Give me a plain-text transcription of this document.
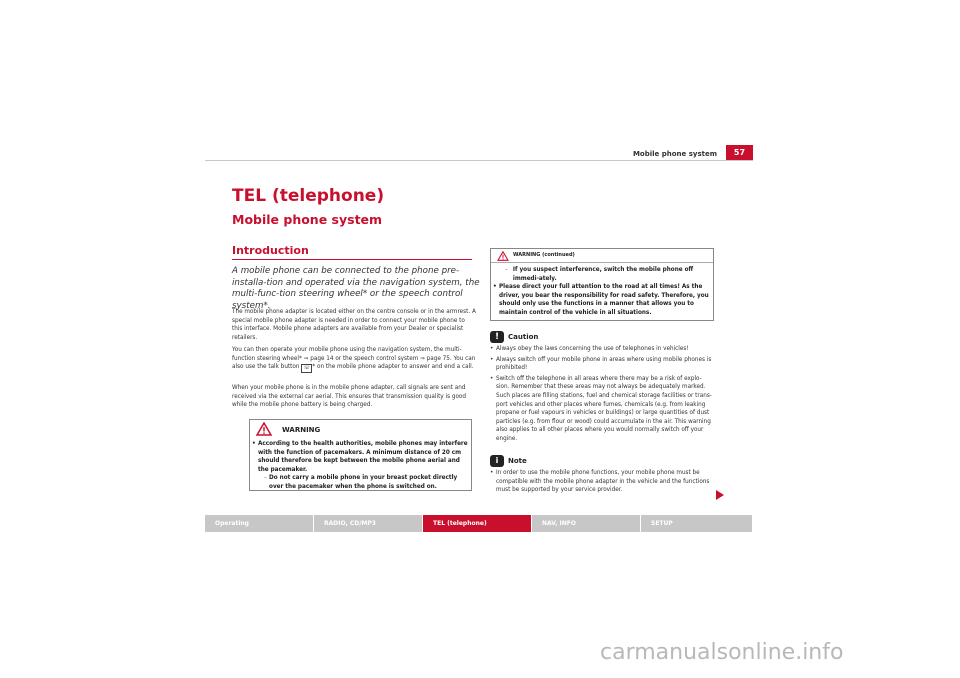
Mobile phone system	57
TEL (telephone)
Mobile phone system
Introduction
A mobile phone can be connected to the phone pre-installa-tion and operated via the navigation system, the multi-func-tion steering wheel* or the speech control system*.
The mobile phone adapter is located either on the centre console or in the armrest. A special mobile phone adapter is needed in order to connect your mobile phone to this interface. Mobile phone adapters are available from your Dealer or specialist retailers.
You can then operate your mobile phone using the navigation system, the multi-function steering wheel* ⇒ page 14 or the speech control system ⇒ page 75. You can also use the talk button ☏ * on the mobile phone adapter to answer and end a call.
When your mobile phone is in the mobile phone adapter, call signals are sent and received via the external car aerial. This ensures that transmission quality is good while the mobile phone battery is being charged.
WARNING
• According to the health authorities, mobile phones may interfere with the function of pacemakers. A minimum distance of 20 cm should therefore be kept between the mobile phone aerial and the pacemaker.
– Do not carry a mobile phone in your breast pocket directly over the pacemaker when the phone is switched on.
WARNING (continued)
– If you suspect interference, switch the mobile phone off immedi-ately.
• Please direct your full attention to the road at all times! As the driver, you bear the responsibility for road safety. Therefore, you should only use the functions in a manner that allows you to maintain control of the vehicle in all situations.
!	Caution
• Always obey the laws concerning the use of telephones in vehicles!
• Always switch off your mobile phone in areas where using mobile phones is prohibited!
• Switch off the telephone in all areas where there may be a risk of explo-sion. Remember that these areas may not always be adequately marked. Such places are filling stations, fuel and chemical storage facilities or trans-port vehicles and other places where fumes, chemicals (e.g. from leaking propane or fuel vapours in vehicles or buildings) or large quantities of dust particles (e.g. from flour or wood) could accumulate in the air. This warning also applies to all other places where you would normally switch off your engine.
i	Note
• In order to use the mobile phone functions, your mobile phone must be compatible with the mobile phone adapter in the vehicle and the functions must be supported by your service provider.
Operating	RADIO, CD/MP3	TEL (telephone)	NAV, INFO	SETUP
carmanualsonline.info
